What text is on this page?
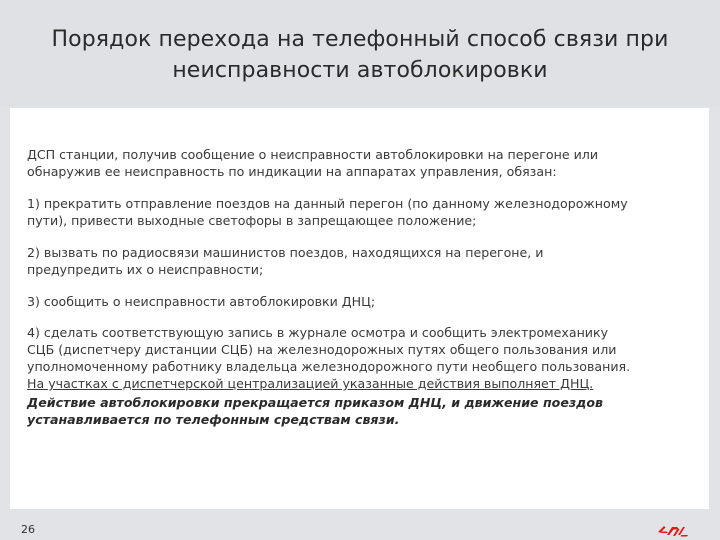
Порядок перехода на телефонный способ связи при
неисправности автоблокировки

ДСП станции, получив сообщение о неисправности автоблокировки на перегоне или
обнаружив ее неисправность по индикации на аппаратах управления, обязан:

1) прекратить отправление поездов на данный перегон (по данному железнодорожному
пути), привести выходные светофоры в запрещающее положение;

2) вызвать по радиосвязи машинистов поездов, находящихся на перегоне, и
предупредить их о неисправности;

3) сообщить о неисправности автоблокировки ДНЦ;

4) сделать соответствующую запись в журнале осмотра и сообщить электромеханику
СЦБ (диспетчеру дистанции СЦБ) на железнодорожных путях общего пользования или
уполномоченному работнику владельца железнодорожного пути необщего пользования.

На участках с диспетчерской централизацией указанные действия выполняет ДНЦ.

Действие автоблокировки прекращается приказом ДНЦ, и движение поездов
устанавливается по телефонным средствам связи.

26
